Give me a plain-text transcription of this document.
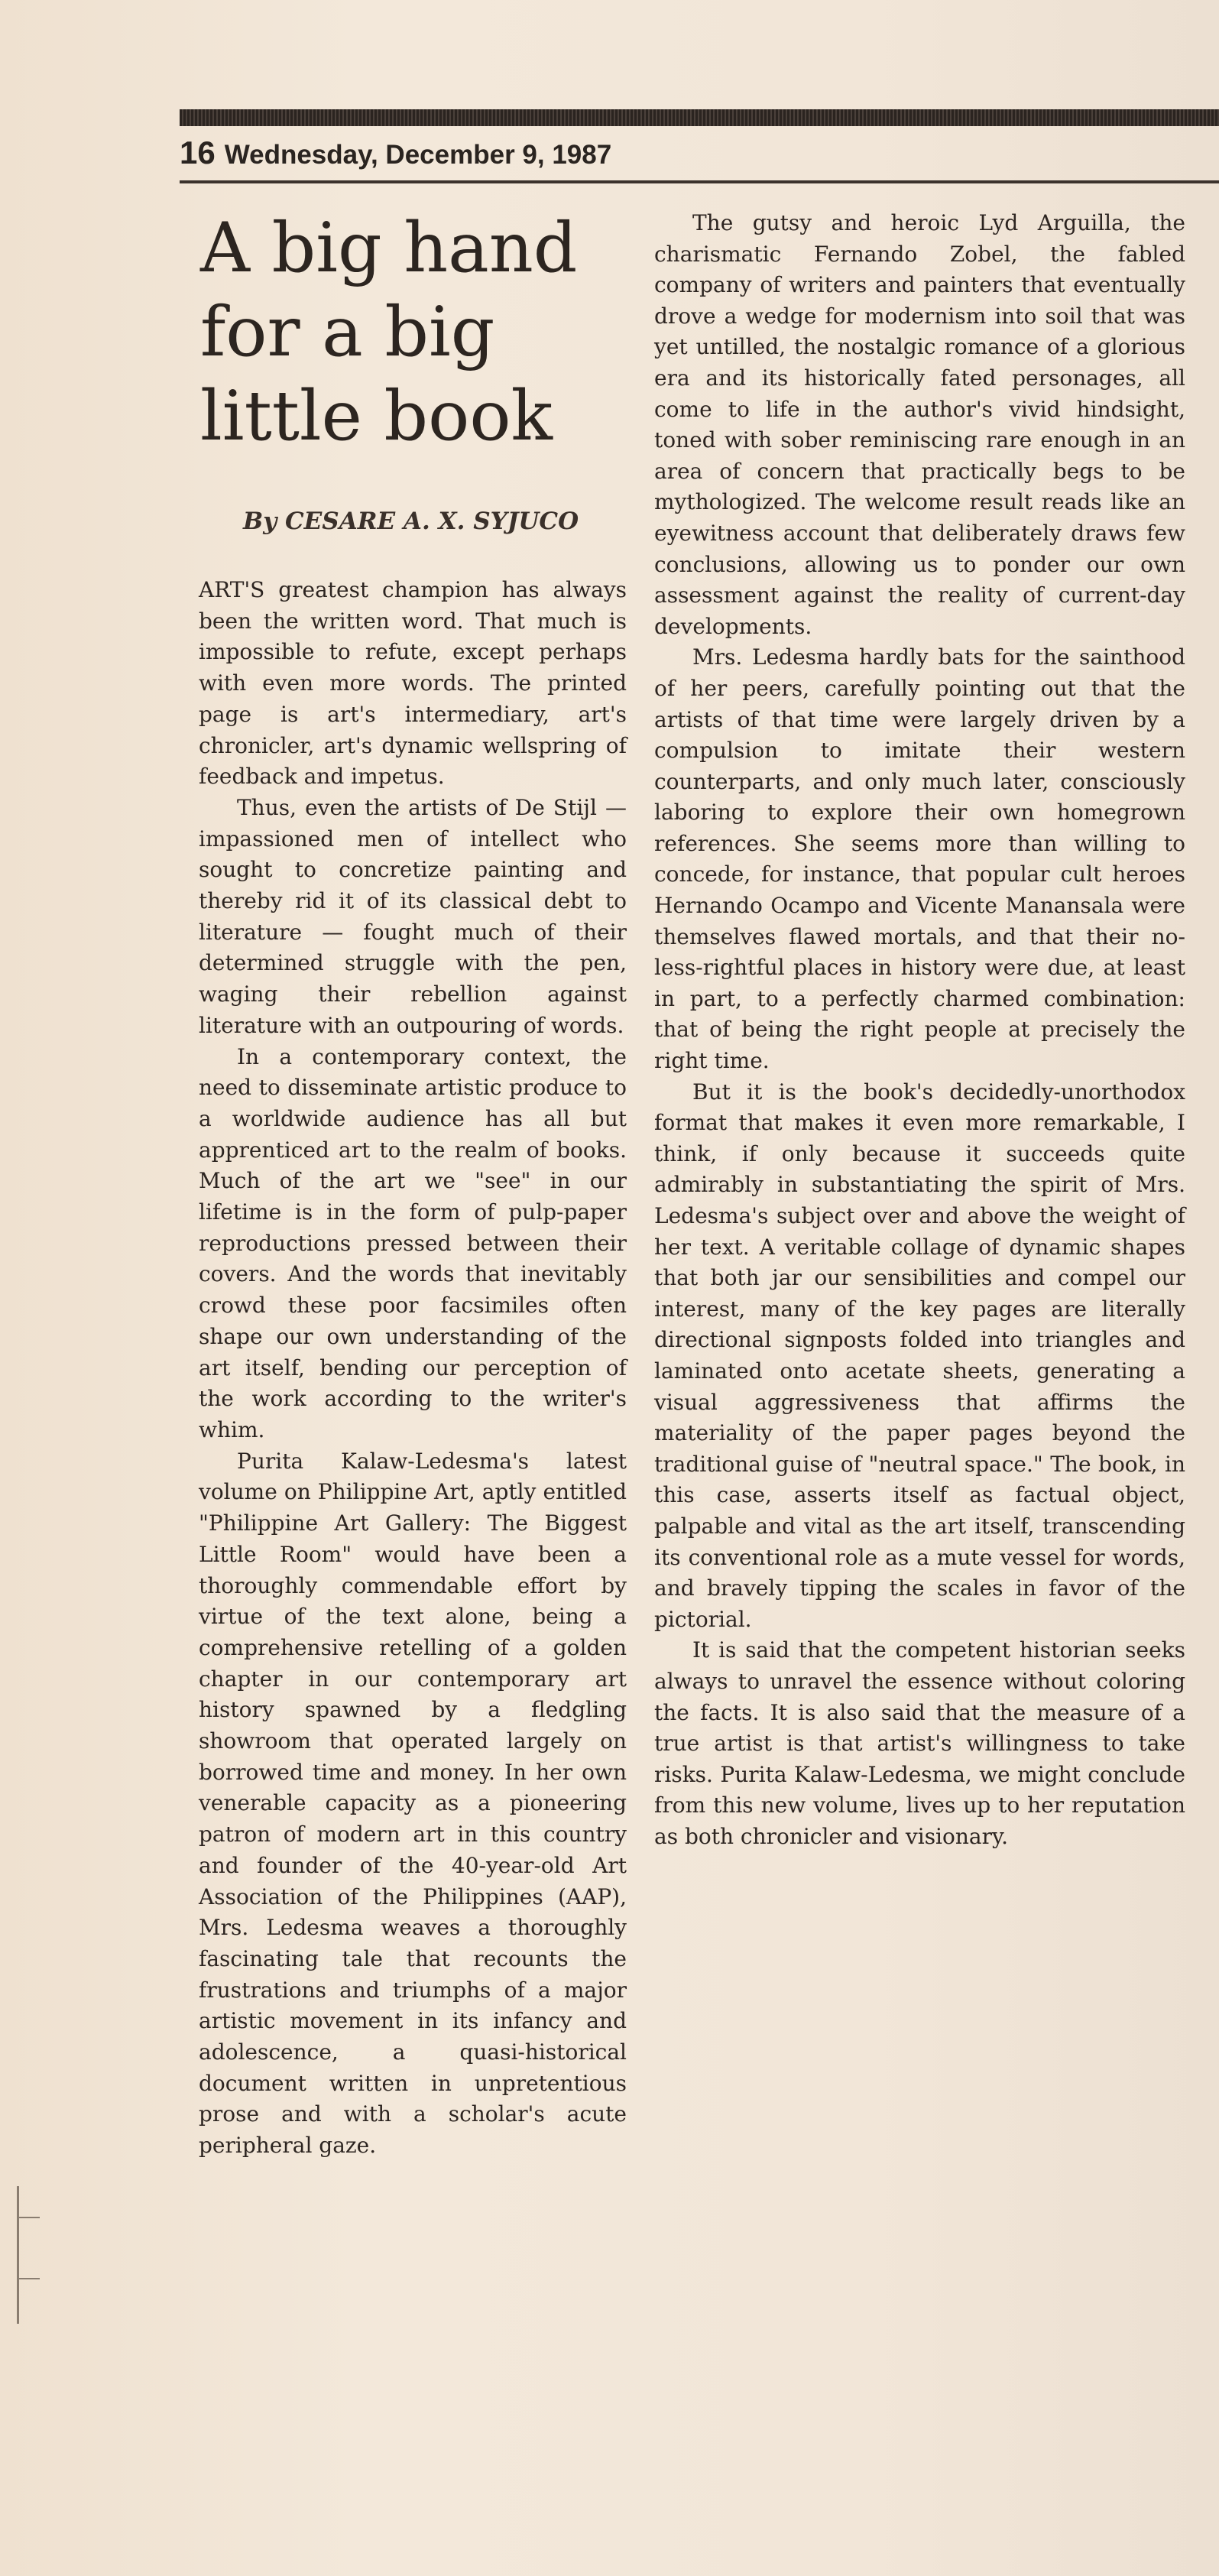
16 Wednesday, December 9, 1987
A big hand for a big little book
By CESARE A. X. SYJUCO

ART'S greatest champion has always been the written word. That much is impossible to refute, except perhaps with even more words. The printed page is art's intermediary, art's chronicler, art's dynamic wellspring of feedback and impetus.

Thus, even the artists of De Stijl — impassioned men of intellect who sought to concretize painting and thereby rid it of its classical debt to literature — fought much of their determined struggle with the pen, waging their rebellion against literature with an outpouring of words.

In a contemporary context, the need to disseminate artistic produce to a worldwide audience has all but apprenticed art to the realm of books. Much of the art we "see" in our lifetime is in the form of pulp-paper reproductions pressed between their covers. And the words that inevitably crowd these poor facsimiles often shape our own understanding of the art itself, bending our perception of the work according to the writer's whim.

Purita Kalaw-Ledesma's latest volume on Philippine Art, aptly entitled "Philippine Art Gallery: The Biggest Little Room" would have been a thoroughly commendable effort by virtue of the text alone, being a comprehensive retelling of a golden chapter in our contemporary art history spawned by a fledgling showroom that operated largely on borrowed time and money. In her own venerable capacity as a pioneering patron of modern art in this country and founder of the 40-year-old Art Association of the Philippines (AAP), Mrs. Ledesma weaves a thoroughly fascinating tale that recounts the frustrations and triumphs of a major artistic movement in its infancy and adolescence, a quasi-historical document written in unpretentious prose and with a scholar's acute peripheral gaze.

The gutsy and heroic Lyd Arguilla, the charismatic Fernando Zobel, the fabled company of writers and painters that eventually drove a wedge for modernism into soil that was yet untilled, the nostalgic romance of a glorious era and its historically fated personages, all come to life in the author's vivid hindsight, toned with sober reminiscing rare enough in an area of concern that practically begs to be mythologized. The welcome result reads like an eyewitness account that deliberately draws few conclusions, allowing us to ponder our own assessment against the reality of current-day developments.

Mrs. Ledesma hardly bats for the sainthood of her peers, carefully pointing out that the artists of that time were largely driven by a compulsion to imitate their western counterparts, and only much later, consciously laboring to explore their own homegrown references. She seems more than willing to concede, for instance, that popular cult heroes Hernando Ocampo and Vicente Manansala were themselves flawed mortals, and that their no-less-rightful places in history were due, at least in part, to a perfectly charmed combination: that of being the right people at precisely the right time.

But it is the book's decidedly-unorthodox format that makes it even more remarkable, I think, if only because it succeeds quite admirably in substantiating the spirit of Mrs. Ledesma's subject over and above the weight of her text. A veritable collage of dynamic shapes that both jar our sensibilities and compel our interest, many of the key pages are literally directional signposts folded into triangles and laminated onto acetate sheets, generating a visual aggressiveness that affirms the materiality of the paper pages beyond the traditional guise of "neutral space." The book, in this case, asserts itself as factual object, palpable and vital as the art itself, transcending its conventional role as a mute vessel for words, and bravely tipping the scales in favor of the pictorial.

It is said that the competent historian seeks always to unravel the essence without coloring the facts. It is also said that the measure of a true artist is that artist's willingness to take risks. Purita Kalaw-Ledesma, we might conclude from this new volume, lives up to her reputation as both chronicler and visionary.
